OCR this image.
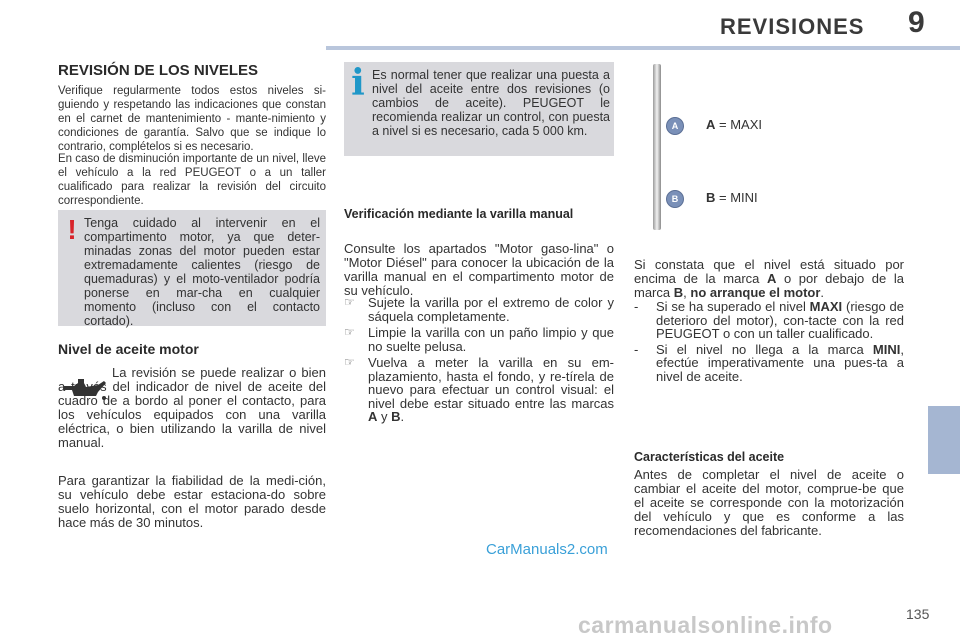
REVISIONES 9
REVISIÓN DE LOS NIVELES

Verifique regularmente todos estos niveles si-guiendo y respetando las indicaciones que constan en el carnet de mantenimiento - mante-nimiento y condiciones de garantía. Salvo que se indique lo contrario, complételos si es necesario.

En caso de disminución importante de un nivel, lleve el vehículo a la red PEUGEOT o a un taller cualificado para realizar la revisión del circuito correspondiente.

! Tenga cuidado al intervenir en el compartimento motor, ya que deter-minadas zonas del motor pueden estar extremadamente calientes (riesgo de quemaduras) y el moto-ventilador podría ponerse en mar-cha en cualquier momento (incluso con el contacto cortado).
Nivel de aceite motor

La revisión se puede realizar o bien a través del indicador de nivel de aceite del cuadro de a bordo al poner el contacto, para los vehículos equipados con una varilla eléctrica, o bien utilizando la varilla de nivel manual.

Para garantizar la fiabilidad de la medi-ción, su vehículo debe estar estaciona-do sobre suelo horizontal, con el motor parado desde hace más de 30 minutos.

i Es normal tener que realizar una puesta a nivel del aceite entre dos revisiones (o cambios de aceite). PEUGEOT le recomienda realizar un control, con puesta a nivel si es necesario, cada 5 000 km.
Verificación mediante la varilla manual

Consulte los apartados "Motor gaso-lina" o "Motor Diésel" para conocer la ubicación de la varilla manual en el compartimento motor de su vehículo.

☞ Sujete la varilla por el extremo de color y sáquela completamente.
☞ Limpie la varilla con un paño limpio y que no suelte pelusa.
☞ Vuelva a meter la varilla en su em-plazamiento, hasta el fondo, y re-tírela de nuevo para efectuar un control visual: el nivel debe estar situado entre las marcas A y B.
A
B
A = MAXI
B = MINI

Si constata que el nivel está situado por encima de la marca A o por debajo de la marca B, no arranque el motor.

- Si se ha superado el nivel MAXI (riesgo de deterioro del motor), con-tacte con la red PEUGEOT o con un taller cualificado.
- Si el nivel no llega a la marca MINI, efectúe imperativamente una pues-ta a nivel de aceite.
Características del aceite

Antes de completar el nivel de aceite o cambiar el aceite del motor, comprue-be que el aceite se corresponde con la motorización del vehículo y que es conforme a las recomendaciones del fabricante.

CarManuals2.com
135
carmanualsonline.info
